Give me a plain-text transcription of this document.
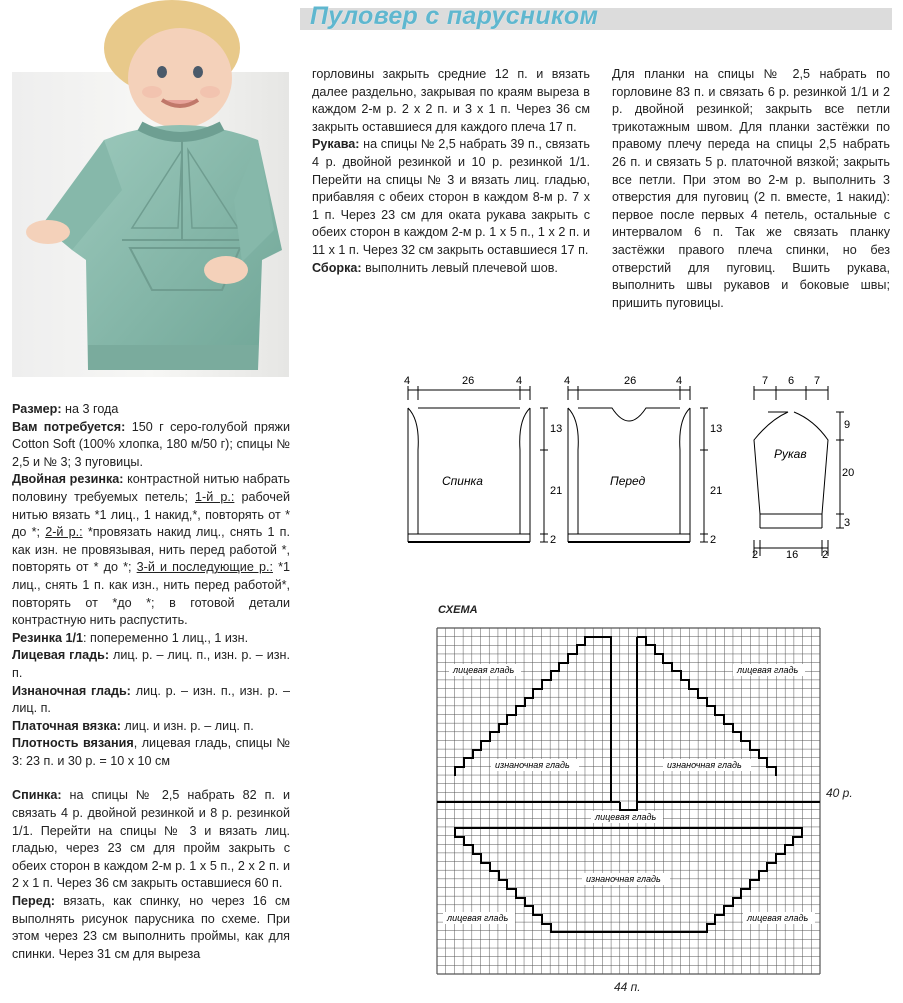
Пуловер с парусником

Размер: на 3 года

Вам потребуется: 150 г серо-голубой пряжи Cotton Soft (100% хлопка, 180 м/50 г); спицы № 2,5 и № 3; 3 пуговицы.

Двойная резинка: контрастной нитью набрать половину требуемых петель; 1-й р.: рабочей нитью вязать *1 лиц., 1 накид,*, повторять от * до *; 2-й р.: *провязать накид лиц., снять 1 п. как изн. не провязывая, нить перед работой *, повторять от * до *; 3-й и последующие р.: *1 лиц., снять 1 п. как изн., нить перед работой*, повторять от *до *; в готовой детали контрастную нить распустить.

Резинка 1/1: попеременно 1 лиц., 1 изн.

Лицевая гладь: лиц. р. – лиц. п., изн. р. – изн. п.

Изнаночная гладь: лиц. р. – изн. п., изн. р. – лиц. п.

Платочная вязка: лиц. и изн. р. – лиц. п.

Плотность вязания, лицевая гладь, спицы № 3: 23 п. и 30 р. = 10 х 10 см

Спинка: на спицы № 2,5 набрать 82 п. и связать 4 р. двойной резинкой и 8 р. резинкой 1/1. Перейти на спицы № 3 и вязать лиц. гладью, через 23 см для пройм закрыть с обеих сторон в каждом 2-м р. 1 х 5 п., 2 х 2 п. и 2 х 1 п. Через 36 см закрыть оставшиеся 60 п.

Перед: вязать, как спинку, но через 16 см выполнять рисунок парусника по схеме. При этом через 23 см выполнить проймы, как для спинки. Через 31 см для выреза

горловины закрыть средние 12 п. и вязать далее раздельно, закрывая по краям выреза в каждом 2-м р. 2 х 2 п. и 3 х 1 п. Через 36 см закрыть оставшиеся для каждого плеча 17 п.

Рукава: на спицы № 2,5 набрать 39 п., связать 4 р. двойной резинкой и 10 р. резинкой 1/1. Перейти на спицы № 3 и вязать лиц. гладью, прибавляя с обеих сторон в каждом 8-м р. 7 х 1 п. Через 23 см для оката рукава закрыть с обеих сторон в каждом 2-м р. 1 х 5 п., 1 х 2 п. и 11 х 1 п. Через 32 см закрыть оставшиеся 17 п.

Сборка: выполнить левый плечевой шов.

Для планки на спицы № 2,5 набрать по горловине 83 п. и связать 6 р. резинкой 1/1 и 2 р. двойной резинкой; закрыть все петли трикотажным швом. Для планки застёжки по правому плечу переда на спицы 2,5 набрать 26 п. и связать 5 р. платочной вязкой; закрыть все петли. При этом во 2-м р. выполнить 3 отверстия для пуговиц (2 п. вместе, 1 накид): первое после первых 4 петель, остальные с интервалом 6 п. Так же связать планку застёжки правого плеча спинки, но без отверстий для пуговиц. Вшить рукава, выполнить швы рукавов и боковые швы; пришить пуговицы.

4	26	4
13
21
2
Спинка
4	26	4
13
21
2
Перед
7 6 7
9
20
3
2	16 2
Рукав
СХЕМА
лицевая гладь	лицевая гладь
изнаночная гладь	изнаночная гладь
лицевая гладь
изнаночная гладь
лицевая гладь	лицевая гладь
40 р.
44 п.
